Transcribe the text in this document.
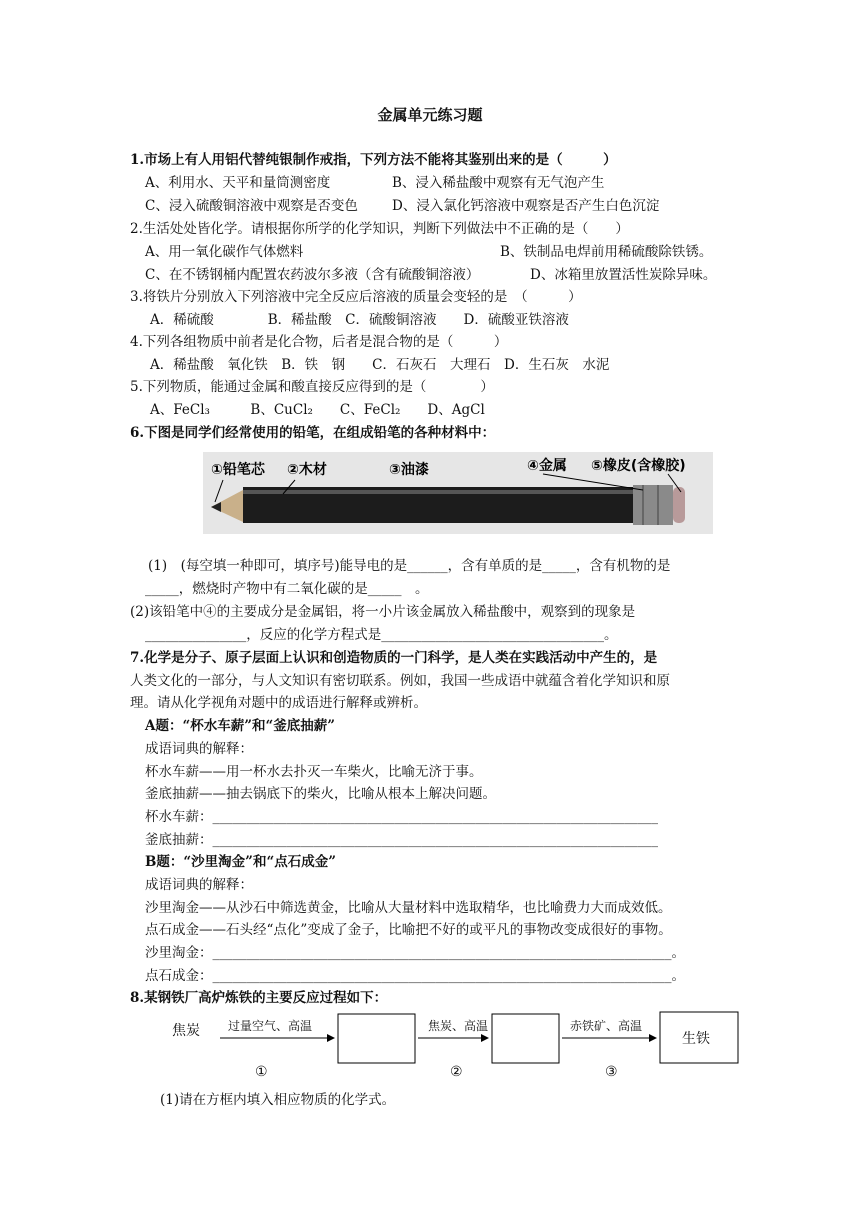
金属单元练习题
1.市场上有人用铝代替纯银制作戒指，下列方法不能将其鉴别出来的是（　　　）
A、利用水、天平和量筒测密度	B、浸入稀盐酸中观察有无气泡产生
C、浸入硫酸铜溶液中观察是否变色	D、浸入氯化钙溶液中观察是否产生白色沉淀
2.生活处处皆化学。请根据你所学的化学知识，判断下列做法中不正确的是（　　）
A、用一氧化碳作气体燃料	B、铁制品电焊前用稀硫酸除铁锈。
C、在不锈钢桶内配置农药波尔多液（含有硫酸铜溶液）	D、冰箱里放置活性炭除异味。
3.将铁片分别放入下列溶液中完全反应后溶液的质量会变轻的是　（　　　）
A．稀硫酸　　　　B．稀盐酸　C．硫酸铜溶液　　D．硫酸亚铁溶液
4.下列各组物质中前者是化合物，后者是混合物的是（　　　）
A．稀盐酸　氧化铁　B．铁　钢　　C．石灰石　大理石　D．生石灰　水泥
5.下列物质，能通过金属和酸直接反应得到的是（　　　　）
A、FeCl₃　　　B、CuCl₂　　C、FeCl₂　　D、AgCl
6.下图是同学们经常使用的铅笔，在组成铅笔的各种材料中：
①铅笔芯 ②木材	③油漆	④金属 ⑤橡皮(含橡胶)
(1)　(每空填一种即可，填序号)能导电的是______，含有单质的是_____，含有机物的是
_____，燃烧时产物中有二氧化碳的是_____　。
(2)该铅笔中④的主要成分是金属铝，将一小片该金属放入稀盐酸中，观察到的现象是
_______________，反应的化学方程式是_________________________________。
7.化学是分子、原子层面上认识和创造物质的一门科学，是人类在实践活动中产生的，是
人类文化的一部分，与人文知识有密切联系。例如，我国一些成语中就蕴含着化学知识和原
理。请从化学视角对题中的成语进行解释或辨析。
A题：“杯水车薪”和“釜底抽薪”
成语词典的解释：
杯水车薪——用一杯水去扑灭一车柴火，比喻无济于事。
釜底抽薪——抽去锅底下的柴火，比喻从根本上解决问题。
杯水车薪：__________________________________________________________________
釜底抽薪：__________________________________________________________________
B题：“沙里淘金”和“点石成金”
成语词典的解释：
沙里淘金——从沙石中筛选黄金，比喻从大量材料中选取精华，也比喻费力大而成效低。
点石成金——石头经“点化”变成了金子，比喻把不好的或平凡的事物改变成很好的事物。
沙里淘金：____________________________________________________________________。
点石成金：____________________________________________________________________。
8.某钢铁厂高炉炼铁的主要反应过程如下：
焦炭 过量空气、高温	焦炭、高温	赤铁矿、高温
生铁
①	②	③
(1)请在方框内填入相应物质的化学式。
